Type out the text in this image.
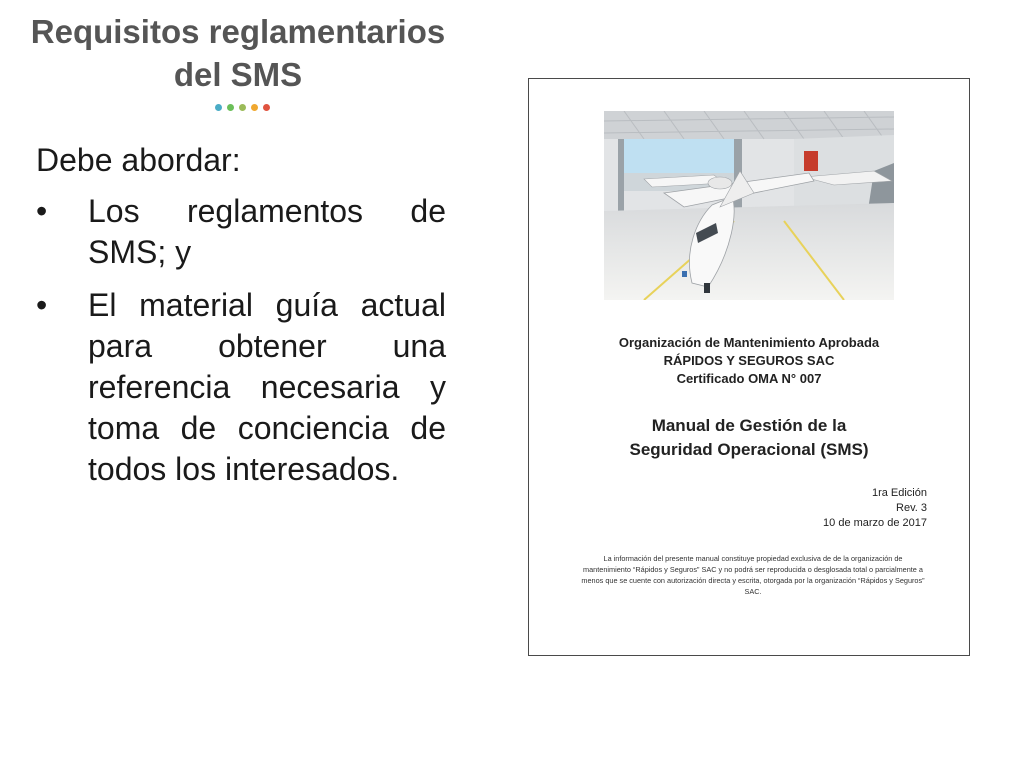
Requisitos reglamentarios
del SMS

Debe abordar:

• Los reglamentos de SMS; y
• El material guía actual para obtener una referencia necesaria y toma de conciencia de todos los interesados.
Organización de Mantenimiento Aprobada
RÁPIDOS Y SEGUROS SAC
Certificado OMA N° 007
Manual de Gestión de la
Seguridad Operacional (SMS)
1ra Edición
Rev. 3
10 de marzo de 2017
La información del presente manual constituye propiedad exclusiva de de la organización de mantenimiento “Rápidos y Seguros” SAC y no podrá ser reproducida o desglosada total o parcialmente a menos que se cuente con autorización directa y escrita, otorgada por la organización “Rápidos y Seguros” SAC.
